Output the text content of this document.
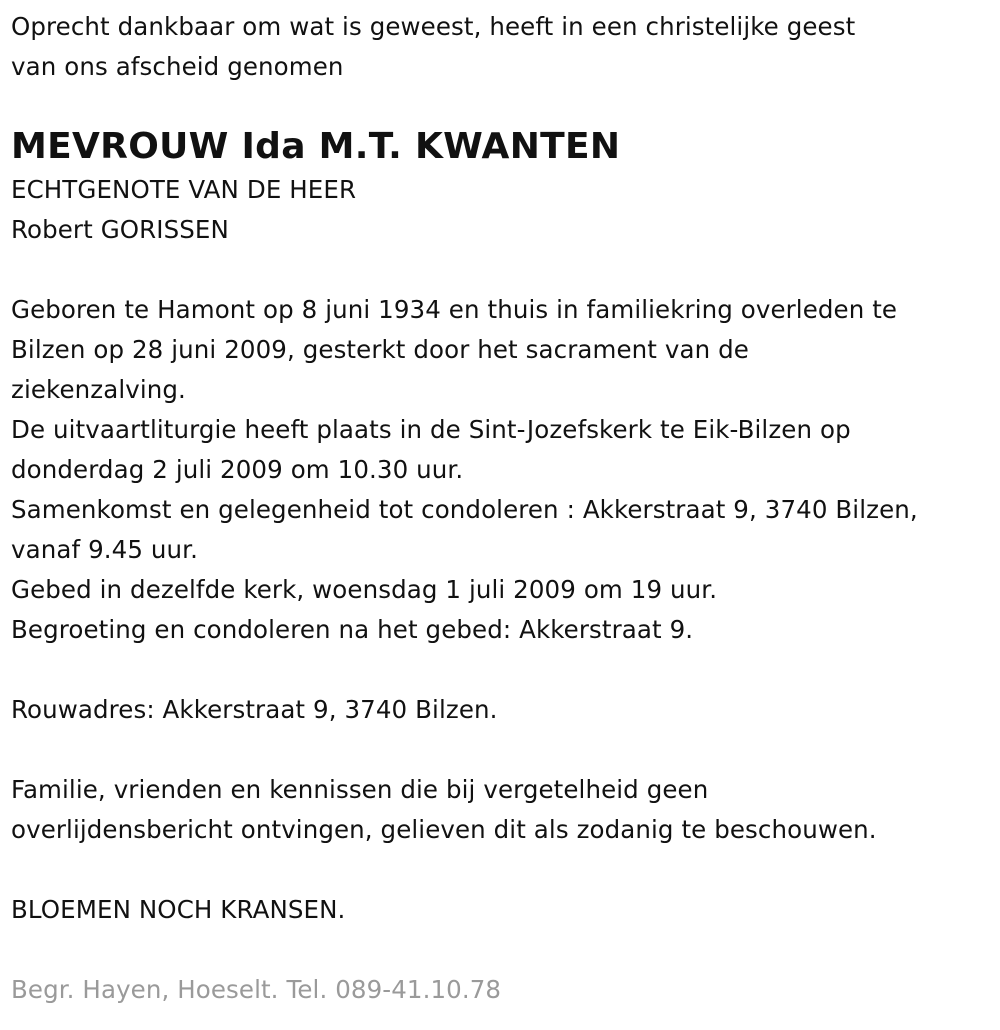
Oprecht dankbaar om wat is geweest, heeft in een christelijke geest
van ons afscheid genomen
MEVROUW Ida M.T. KWANTEN
ECHTGENOTE VAN DE HEER
Robert GORISSEN
Geboren te Hamont op 8 juni 1934 en thuis in familiekring overleden te
Bilzen op 28 juni 2009, gesterkt door het sacrament van de
ziekenzalving.
De uitvaartliturgie heeft plaats in de Sint-Jozefskerk te Eik-Bilzen op
donderdag 2 juli 2009 om 10.30 uur.
Samenkomst en gelegenheid tot condoleren : Akkerstraat 9, 3740 Bilzen,
vanaf 9.45 uur.
Gebed in dezelfde kerk, woensdag 1 juli 2009 om 19 uur.
Begroeting en condoleren na het gebed: Akkerstraat 9.
Rouwadres: Akkerstraat 9, 3740 Bilzen.
Familie, vrienden en kennissen die bij vergetelheid geen
overlijdensbericht ontvingen, gelieven dit als zodanig te beschouwen.
BLOEMEN NOCH KRANSEN.
Begr. Hayen, Hoeselt. Tel. 089-41.10.78
